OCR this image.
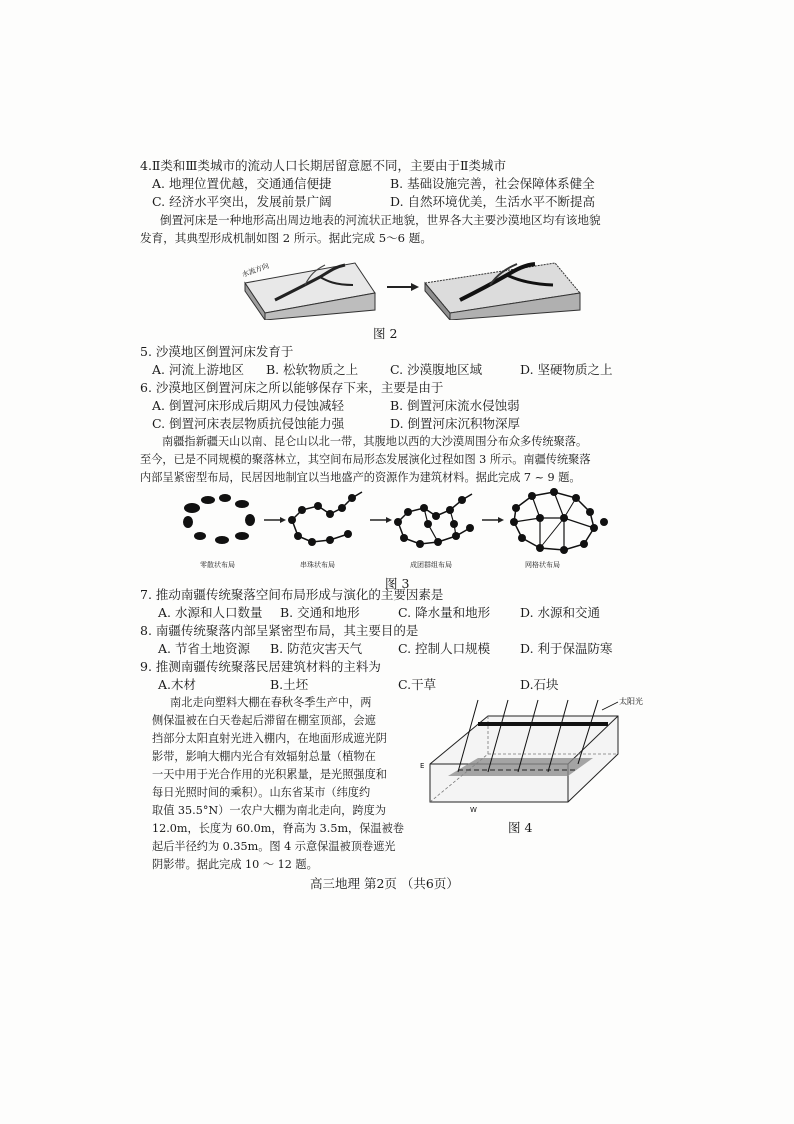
4.Ⅱ类和Ⅲ类城市的流动人口长期居留意愿不同，主要由于Ⅱ类城市
A. 地理位置优越，交通通信便捷	B. 基础设施完善，社会保障体系健全
C. 经济水平突出，发展前景广阔	D. 自然环境优美，生活水平不断提高
倒置河床是一种地形高出周边地表的河流状正地貌，世界各大主要沙漠地区均有该地貌
发育，其典型形成机制如图 2 所示。据此完成 5～6 题。
水流方向
图 2
5. 沙漠地区倒置河床发育于
A. 河流上游地区 B. 松软物质之上	C. 沙漠腹地区域	D. 坚硬物质之上
6. 沙漠地区倒置河床之所以能够保存下来，主要是由于
A. 倒置河床形成后期风力侵蚀减轻	B. 倒置河床流水侵蚀弱
C. 倒置河床表层物质抗侵蚀能力强	D. 倒置河床沉积物深厚
南疆指新疆天山以南、昆仑山以北一带，其腹地以西的大沙漠周围分布众多传统聚落。
至今，已是不同规模的聚落林立，其空间布局形态发展演化过程如图 3 所示。南疆传统聚落
内部呈紧密型布局，民居因地制宜以当地盛产的资源作为建筑材料。据此完成 7 ~ 9 题。
零散状布局	串珠状布局	成团群组布局	网格状布局
图 3
7. 推动南疆传统聚落空间布局形成与演化的主要因素是
A. 水源和人口数量 B. 交通和地形	C. 降水量和地形 D. 水源和交通
8. 南疆传统聚落内部呈紧密型布局，其主要目的是
A. 节省土地资源 B. 防范灾害天气	C. 控制人口规模 D. 利于保温防寒
9. 推测南疆传统聚落民居建筑材料的主料为
A.木材	B.土坯	C.干草	D.石块
南北走向塑料大棚在春秋冬季生产中，两
侧保温被在白天卷起后滞留在棚室顶部，会遮
挡部分太阳直射光进入棚内，在地面形成遮光阴
影带，影响大棚内光合有效辐射总量（植物在
一天中用于光合作用的光积累量，是光照强度和
每日光照时间的乘积）。山东省某市（纬度约
取值 35.5°N）一农户大棚为南北走向，跨度为
12.0m，长度为 60.0m，脊高为 3.5m，保温被卷
起后半径约为 0.35m。图 4 示意保温被顶卷遮光
阴影带。据此完成 10 ～ 12 题。
太阳光
E
W
图 4
高三地理 第2页 （共6页）
